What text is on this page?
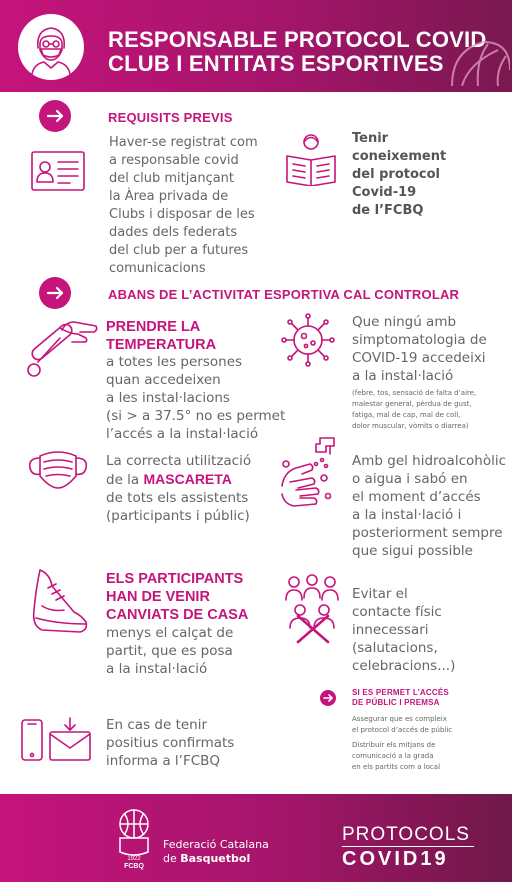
RESPONSABLE PROTOCOL COVID
CLUB I ENTITATS ESPORTIVES
REQUISITS PREVIS
Haver-se registrat com
a responsable covid
del club mitjançant
la Àrea privada de
Clubs i disposar de les
dades dels federats
del club per a futures
comunicacions
Tenir
coneixement
del protocol
Covid-19
de l’FCBQ
ABANS DE L’ACTIVITAT ESPORTIVA CAL CONTROLAR
PRENDRE LA
TEMPERATURA
a totes les persones
quan accedeixen
a les instal·lacions
(si > a 37.5° no es permet
l’accés a la instal·lació
Que ningú amb
simptomatologia de
COVID-19 accedeixi
a la instal·lació
(febre, tos, sensació de falta d’aire,
malestar general, pèrdua de gust,
fatiga, mal de cap, mal de coll,
dolor muscular, vòmits o diarrea)
La correcta utilització
de la MASCARETA
de tots els assistents
(participants i públic)
Amb gel hidroalcohòlic
o aigua i sabó en
el moment d’accés
a la instal·lació i
posteriorment sempre
que sigui possible
ELS PARTICIPANTS
HAN DE VENIR
CANVIATS DE CASA
menys el calçat de
partit, que es posa
a la instal·lació
Evitar el
contacte físic
innecessari
(salutacions,
celebracions...)
SI ES PERMET L’ACCÉS
DE PÚBLIC I PREMSA
Assegurar que es compleix
el protocol d’accés de públic
Distribuir els mitjans de
comunicació a la grada
en els partits com a local
En cas de tenir
positius confirmats
informa a l’FCBQ
1922
FCBQ
Federació Catalana
de Basquetbol
PROTOCOLS
COVID19
